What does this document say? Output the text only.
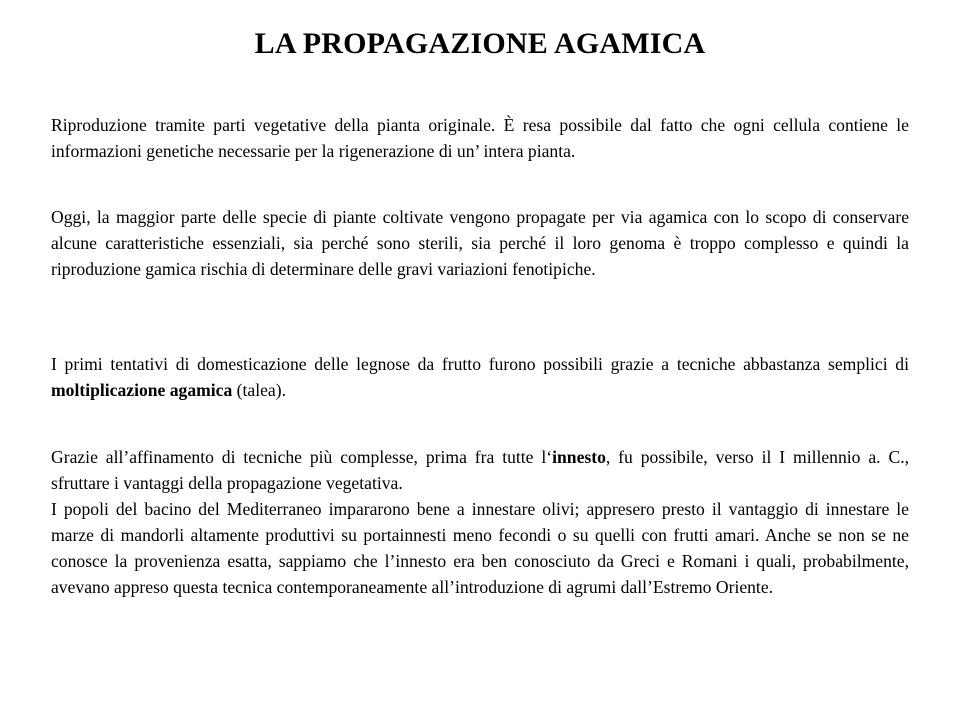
LA PROPAGAZIONE AGAMICA

Riproduzione tramite parti vegetative della pianta originale. È resa possibile dal fatto che ogni cellula contiene le informazioni genetiche necessarie per la rigenerazione di un’ intera pianta.

Oggi, la maggior parte delle specie di piante coltivate vengono propagate per via agamica con lo scopo di conservare alcune caratteristiche essenziali, sia perché sono sterili, sia perché il loro genoma è troppo complesso e quindi la riproduzione gamica rischia di determinare delle gravi variazioni fenotipiche.

I primi tentativi di domesticazione delle legnose da frutto furono possibili grazie a tecniche abbastanza semplici di moltiplicazione agamica (talea).

Grazie all’affinamento di tecniche più complesse, prima fra tutte l‘innesto, fu possibile, verso il I millennio a. C., sfruttare i vantaggi della propagazione vegetativa.

I popoli del bacino del Mediterraneo impararono bene a innestare olivi; appresero presto il vantaggio di innestare le marze di mandorli altamente produttivi su portainnesti meno fecondi o su quelli con frutti amari. Anche se non se ne conosce la provenienza esatta, sappiamo che l’innesto era ben conosciuto da Greci e Romani i quali, probabilmente, avevano appreso questa tecnica contemporaneamente all’introduzione di agrumi dall’Estremo Oriente.
